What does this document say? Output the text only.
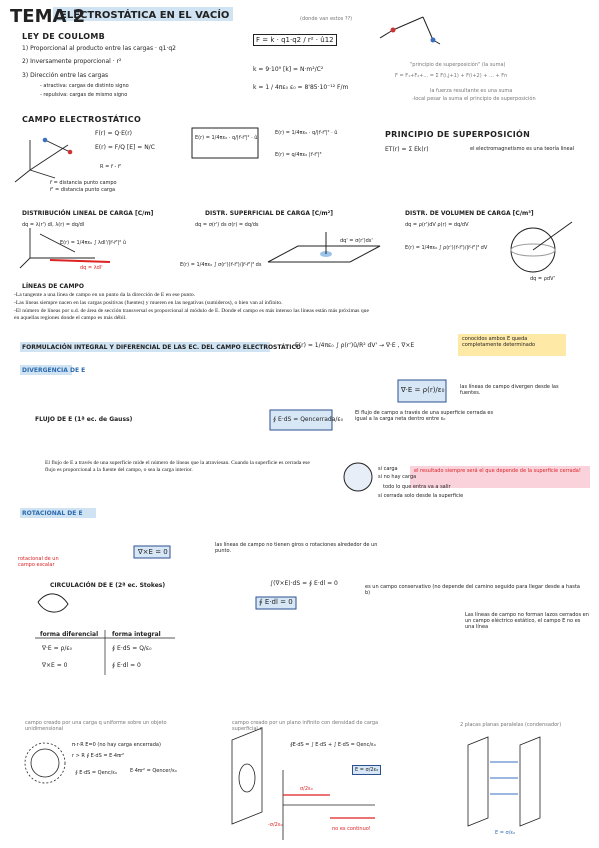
TEMA 2
ELECTROSTÁTICA EN EL VACÍO	(donde van estos ??)
LEY DE COULOMB
1) Proporcional al producto entre las cargas · q1·q2
2) Inversamente proporcional · r²
3) Dirección entre las cargas
- atractiva: cargas de distinto signo
- repulsiva: cargas de mismo signo
F = k · q1·q2 / r² · û12
k = 9·10⁹ [k] = N·m²/C²
k = 1 / 4πε₀ ε₀ = 8'85·10⁻¹² F/m
"principio de superposición" (la suma)
F = F₁+F₂+... = Σ F(i,j+1) + F(i+2) + ... + Fn
la fuerza resultante es una suma
-local pesar la suma el principio de superposición
CAMPO ELECTROSTÁTICO
F(r) = Q·E(r)
E(r) = F/Q [E] = N/C
E(r) = 1/4πε₀ · q/|r⃗-r⃗'|² · û
E(r) = 1/4πε₀ · q/|r⃗-r⃗'|² · û
E(r) = q/4πε₀ |r⃗-r⃗'|³
r⃗ = distancia punto campo
r⃗' = distancia punto carga
R = r⃗ - r⃗'
PRINCIPIO DE SUPERPOSICIÓN
ET(r) = Σ Ek(r)	el electromagnetismo es una teoría lineal
DISTRIBUCIÓN LINEAL DE CARGA [C/m]
dq = λ(r') dl, λ(r) = dq/dl
E(r) = 1/4πε₀ ∫ λdl'/|r⃗-r⃗'|² û
dq = λdl'
DISTR. SUPERFICIAL DE CARGA [C/m²]
dq = σ(r') ds σ(r) = dq/ds
E(r) = 1/4πε₀ ∫ σ(r')(r⃗-r⃗')/|r⃗-r⃗'|³ ds
dq' = σ(r')ds'
DISTR. DE VOLUMEN DE CARGA [C/m³]
dq = ρ(r')dV ρ(r) = dq/dV
E(r) = 1/4πε₀ ∫ ρ(r')(r⃗-r⃗')/|r⃗-r⃗'|³ dV
dq = ρdV'
LÍNEAS DE CAMPO
-La tangente a una línea de campo en un punto da la dirección de E en ese punto.
-Las líneas siempre nacen en las cargas positivas (fuentes) y mueren en las negativas (sumideros), o bien van al infinito.
-El número de líneas por u.d. de área de sección transversal es proporcional al módulo de E. Donde el campo es más intenso las líneas están más próximas que en aquellas regiones donde el campo es más débil.
FORMULACIÓN INTEGRAL Y DIFERENCIAL DE LAS EC. DEL CAMPO ELECTROSTÁTICO
E(r) = 1/4πε₀ ∫ ρ(r')û/R² dV' → ∇·E , ∇×E
conocidos ambos E queda completamente determinado
DIVERGENCIA DE E
∇·E = ρ(r)/ε₀	las líneas de campo divergen desde las fuentes.
FLUJO DE E (1ª ec. de Gauss)	∮ E·dS = Qencerrada/ε₀
El flujo de campo a través de una superficie cerrada es igual a la carga neta dentro entre ε₀
El flujo de E a través de una superficie mide el número de líneas que la atraviesan. Cuando la superficie es cerrada ese flujo es proporcional a la fuente del campo, o sea la carga interior.	si carga
si no hay carga
todo lo que entra va a salir
si cerrada solo desde la superficie
el resultado siempre será el que depende de la superficie cerrada!
ROTACIONAL DE E
∇×E = 0
las líneas de campo no tienen giros o rotaciones alrededor de un punto.
rotacional de un campo escalar
CIRCULACIÓN DE E (2ª ec. Stokes)
∮ E·dl = 0
∫(∇×E)·dS = ∮ E·dl = 0	es un campo conservativo (no depende del camino seguido para llegar desde a hasta b)
Las líneas de campo no forman lazos cerrados en un campo eléctrico estático, el campo E no es una línea
forma diferencial forma integral
∇·E = ρ/ε₀	∮ E·dS = Q/ε₀
∇×E = 0	∮ E·dl = 0
campo creado por una carga q uniforme sobre un objeto unidimensional
π·r·R E=0 (no hay carga encerrada)
r > R ∮ E·dS = E·4πr²
∮ E·dS = Qenc/ε₀	E·4πr² = Qencer/ε₀
campo creado por un plano infinito con densidad de carga superficial σ
∮E·dS = ∫ E·dS + ∫ E·dS = Qenc/ε₀
E = σ/2ε₀
σ/2ε₀
-σ/2ε₀
no es continuo!
2 placas planas paralelas (condensador)
E = σ/ε₀
